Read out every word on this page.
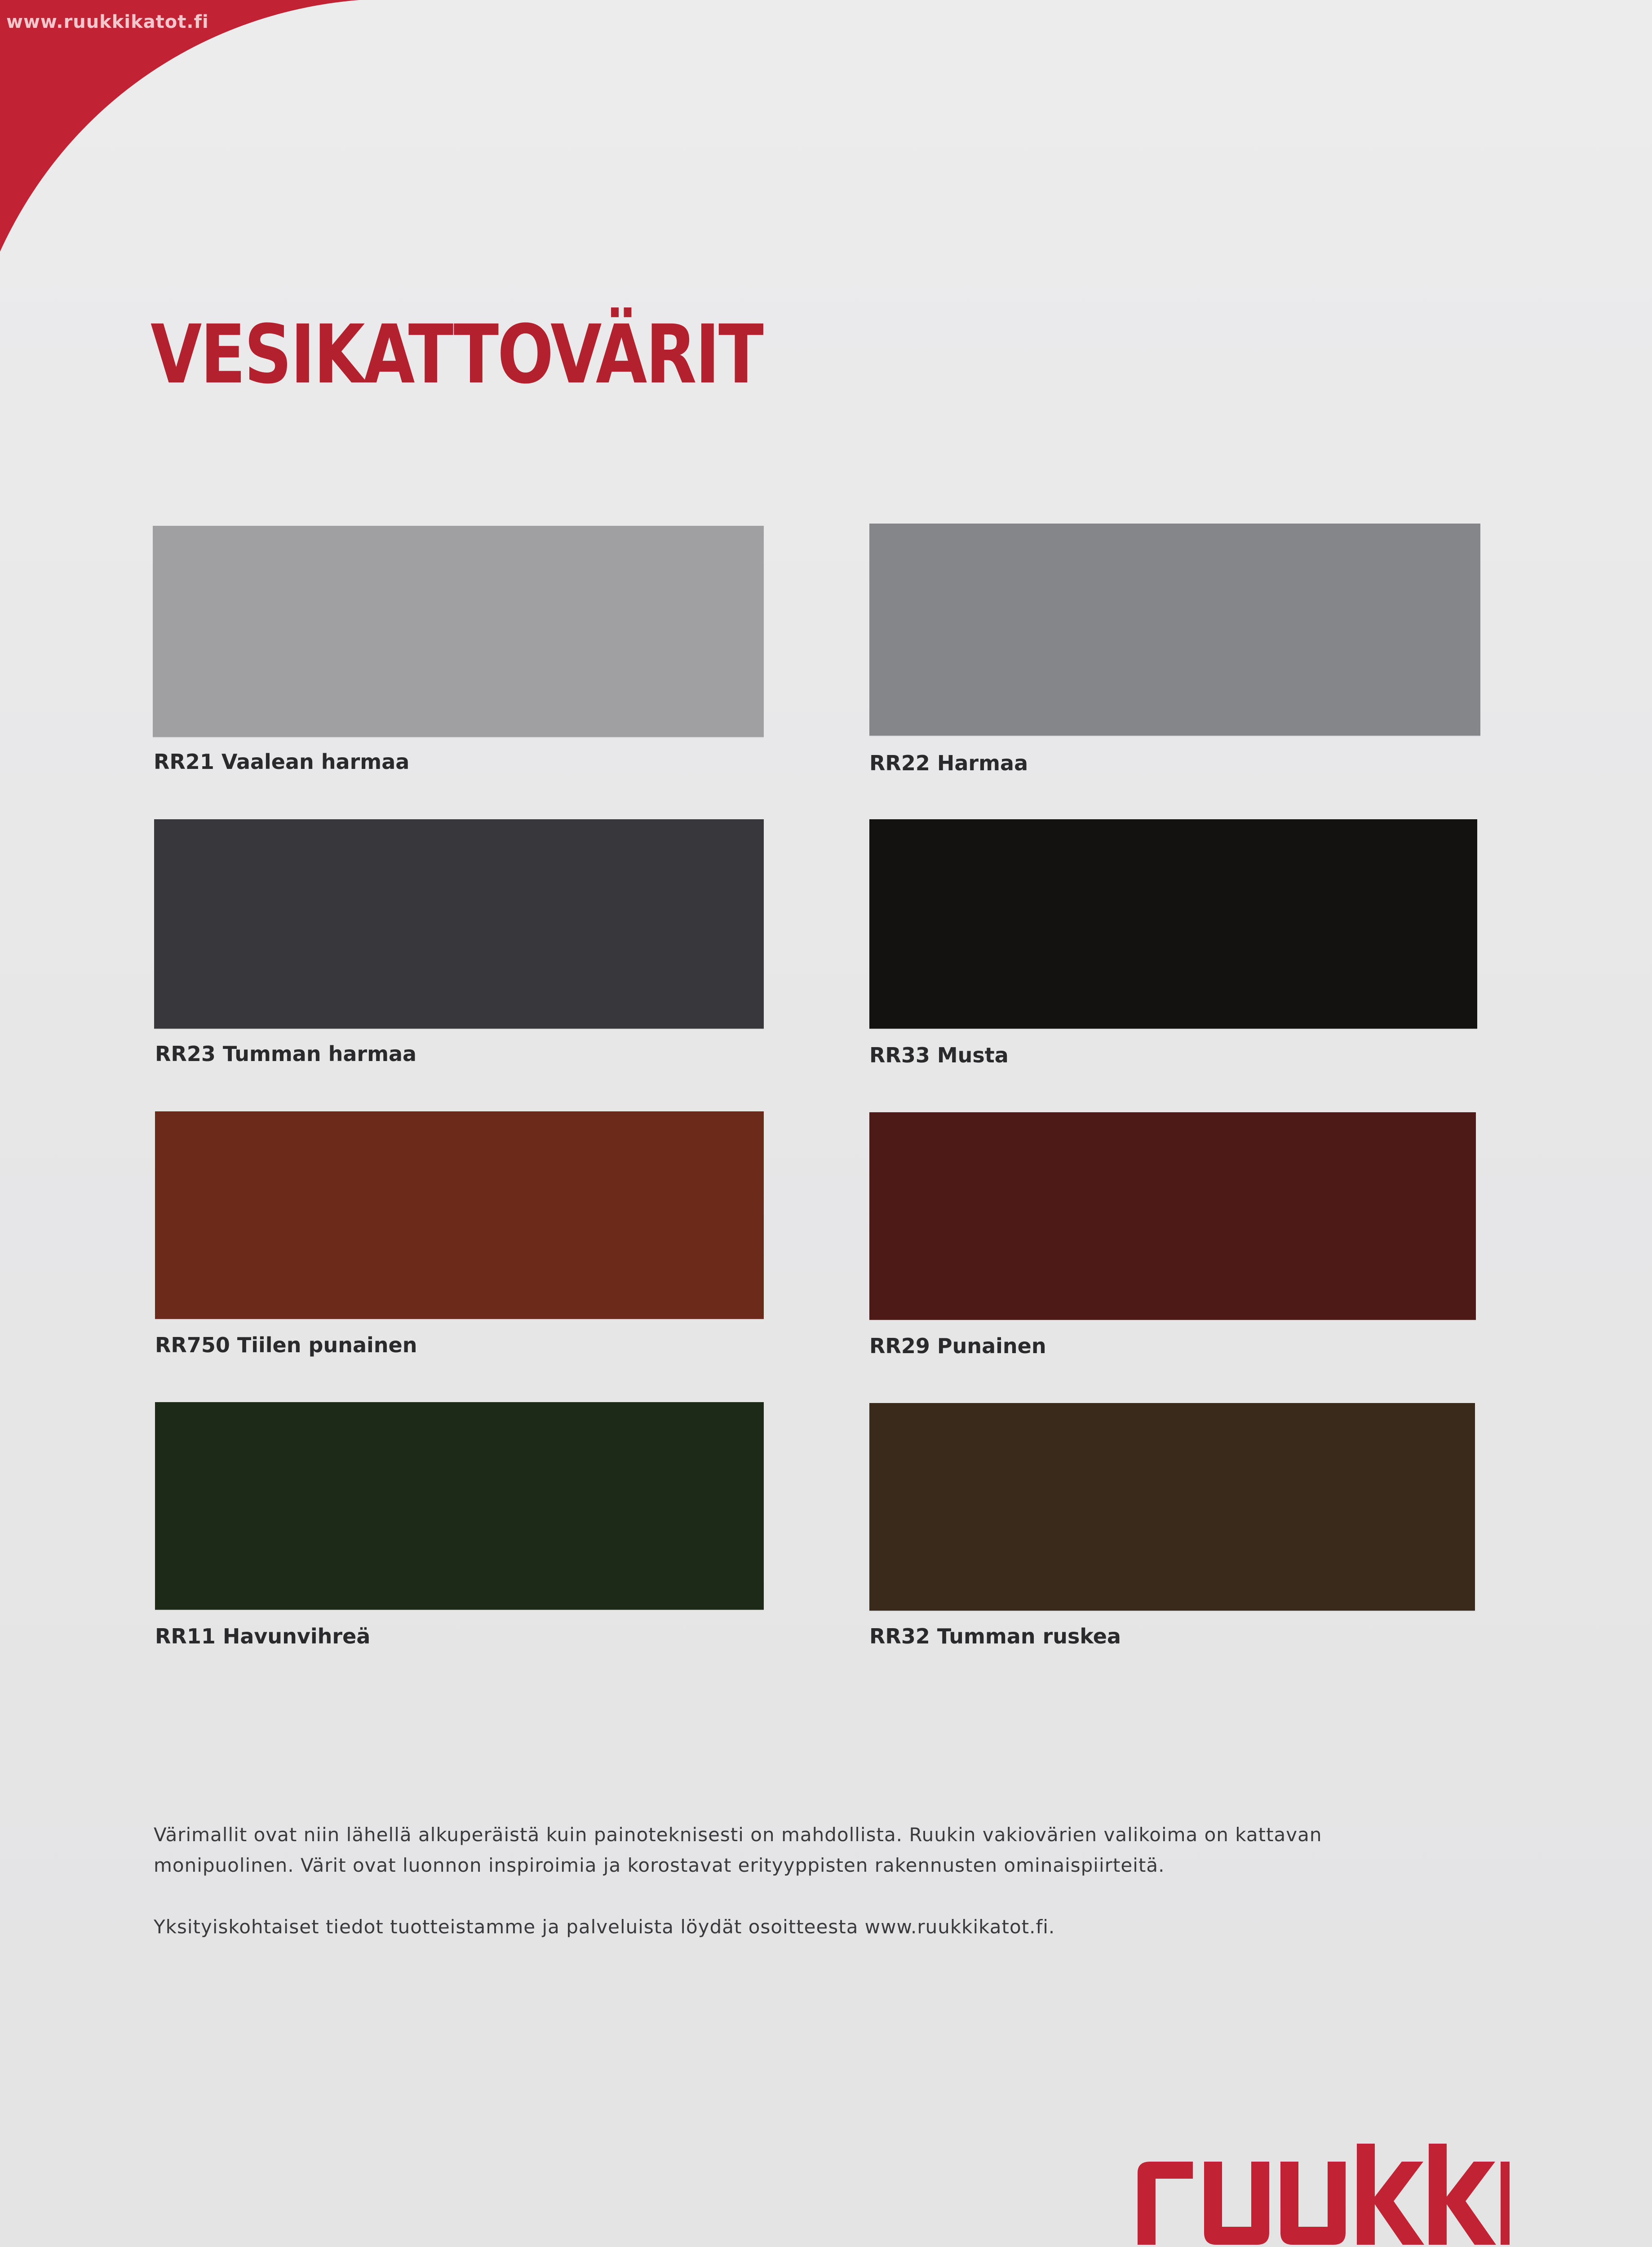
www.ruukkikatot.fi
VESIKATTOVÄRIT
RR21 Vaalean harmaa	RR22 Harmaa
RR23 Tumman harmaa	RR33 Musta
RR750 Tiilen punainen	RR29 Punainen
RR11 Havunvihreä	RR32 Tumman ruskea
Värimallit ovat niin lähellä alkuperäistä kuin painoteknisesti on mahdollista. Ruukin vakiovärien valikoima on kattavan
monipuolinen. Värit ovat luonnon inspiroimia ja korostavat erityyppisten rakennusten ominaispiirteitä.
Yksityiskohtaiset tiedot tuotteistamme ja palveluista löydät osoitteesta www.ruukkikatot.fi.
